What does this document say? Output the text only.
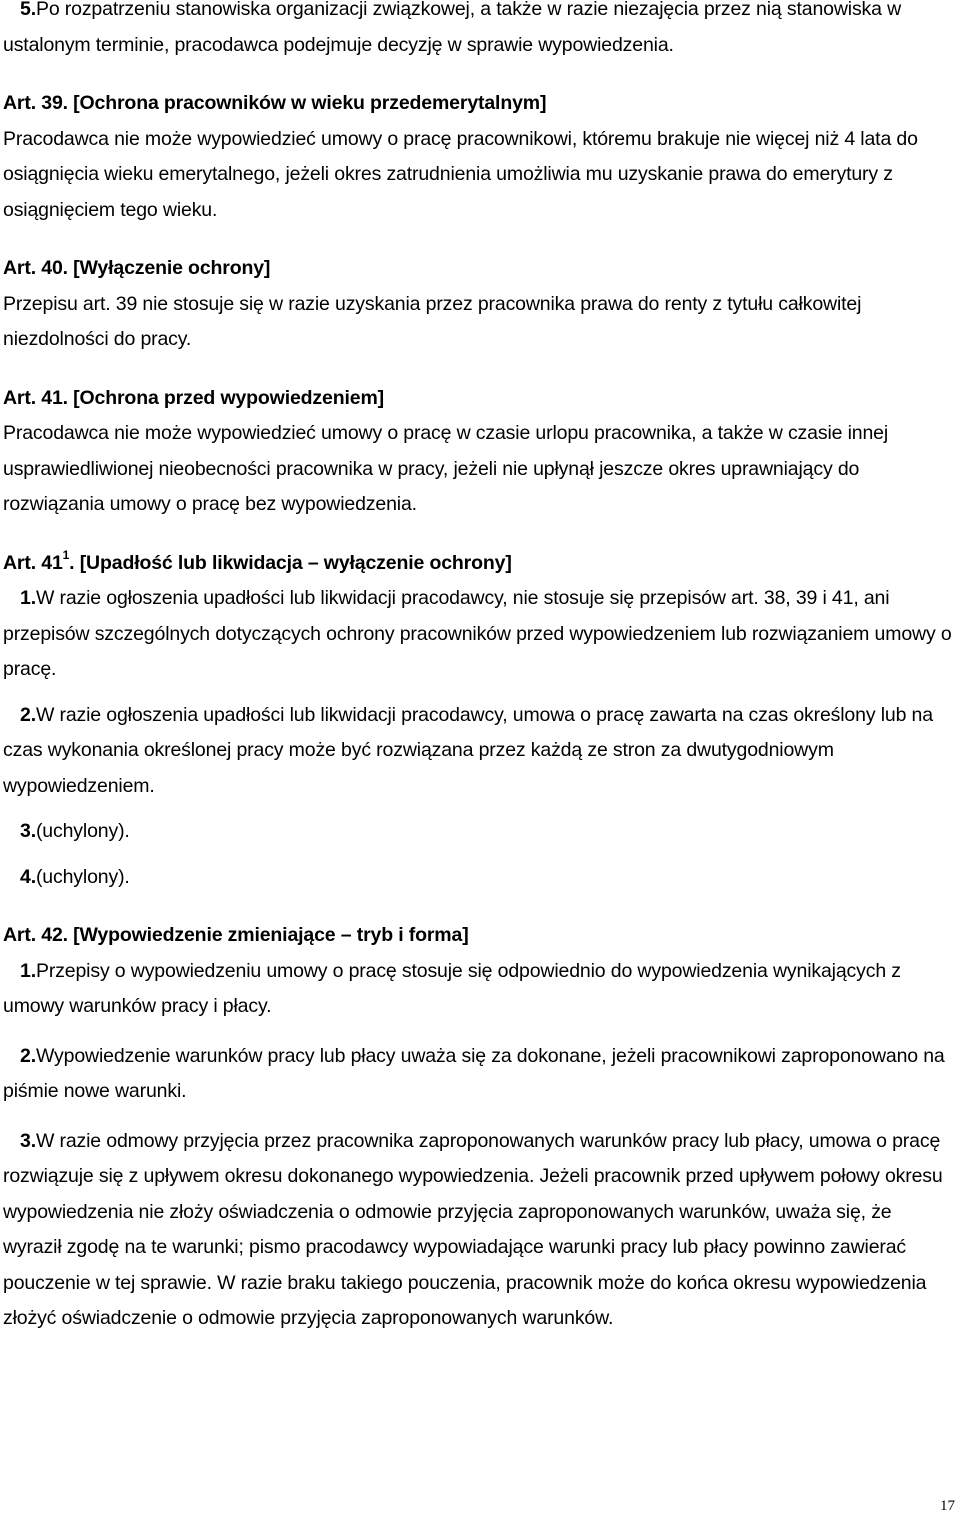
5.Po rozpatrzeniu stanowiska organizacji związkowej, a także w razie niezajęcia przez nią stanowiska w ustalonym terminie, pracodawca podejmuje decyzję w sprawie wypowiedzenia.

Art. 39. [Ochrona pracowników w wieku przedemerytalnym]

Pracodawca nie może wypowiedzieć umowy o pracę pracownikowi, któremu brakuje nie więcej niż 4 lata do osiągnięcia wieku emerytalnego, jeżeli okres zatrudnienia umożliwia mu uzyskanie prawa do emerytury z osiągnięciem tego wieku.

Art. 40. [Wyłączenie ochrony]

Przepisu art. 39 nie stosuje się w razie uzyskania przez pracownika prawa do renty z tytułu całkowitej niezdolności do pracy.

Art. 41. [Ochrona przed wypowiedzeniem]

Pracodawca nie może wypowiedzieć umowy o pracę w czasie urlopu pracownika, a także w czasie innej usprawiedliwionej nieobecności pracownika w pracy, jeżeli nie upłynął jeszcze okres uprawniający do rozwiązania umowy o pracę bez wypowiedzenia.

Art. $41^1$. [Upadłość lub likwidacja – wyłączenie ochrony]

1.W razie ogłoszenia upadłości lub likwidacji pracodawcy, nie stosuje się przepisów art. 38, 39 i 41, ani przepisów szczególnych dotyczących ochrony pracowników przed wypowiedzeniem lub rozwiązaniem umowy o pracę.

2.W razie ogłoszenia upadłości lub likwidacji pracodawcy, umowa o pracę zawarta na czas określony lub na czas wykonania określonej pracy może być rozwiązana przez każdą ze stron za dwutygodniowym wypowiedzeniem.

3.(uchylony).

4.(uchylony).

Art. 42. [Wypowiedzenie zmieniające – tryb i forma]

1.Przepisy o wypowiedzeniu umowy o pracę stosuje się odpowiednio do wypowiedzenia wynikających z umowy warunków pracy i płacy.

2.Wypowiedzenie warunków pracy lub płacy uważa się za dokonane, jeżeli pracownikowi zaproponowano na piśmie nowe warunki.

3.W razie odmowy przyjęcia przez pracownika zaproponowanych warunków pracy lub płacy, umowa o pracę rozwiązuje się z upływem okresu dokonanego wypowiedzenia. Jeżeli pracownik przed upływem połowy okresu wypowiedzenia nie złoży oświadczenia o odmowie przyjęcia zaproponowanych warunków, uważa się, że wyraził zgodę na te warunki; pismo pracodawcy wypowiadające warunki pracy lub płacy powinno zawierać pouczenie w tej sprawie. W razie braku takiego pouczenia, pracownik może do końca okresu wypowiedzenia złożyć oświadczenie o odmowie przyjęcia zaproponowanych warunków.

17
